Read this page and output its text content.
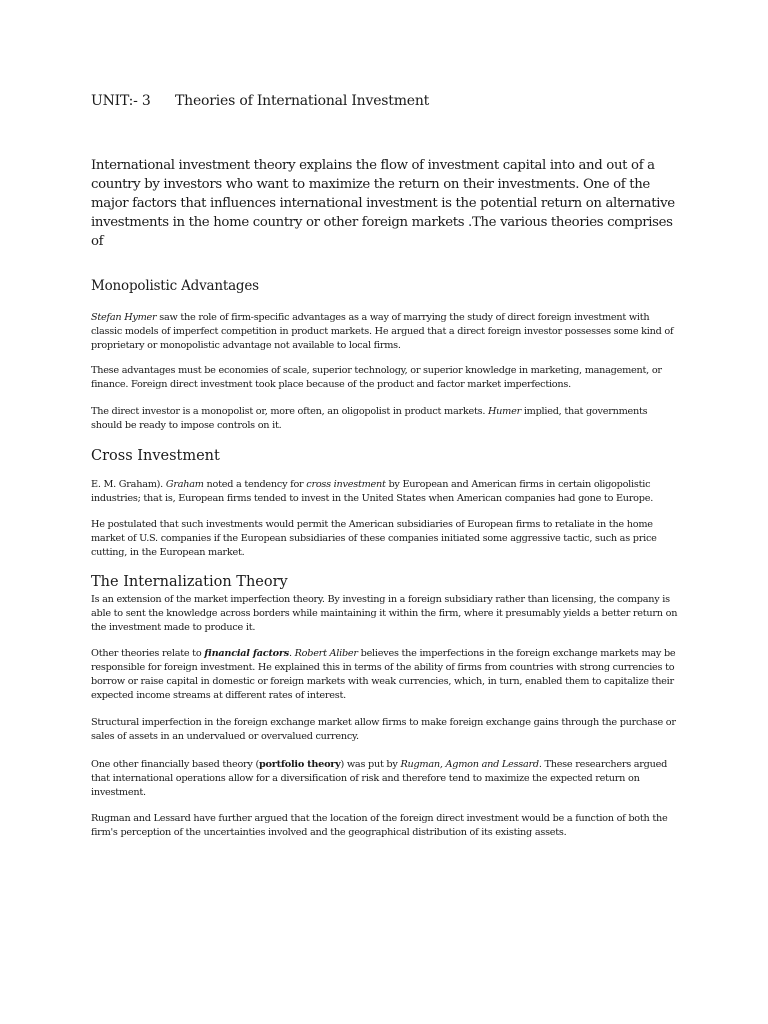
UNIT:- 3 Theories of International Investment

International investment theory explains the flow of investment capital into and out of a country by investors who want to maximize the return on their investments. One of the major factors that influences international investment is the potential return on alternative investments in the home country or other foreign markets .The various theories comprises of

Monopolistic Advantages

Stefan Hymer saw the role of firm-specific advantages as a way of marrying the study of direct foreign investment with classic models of imperfect competition in product markets. He argued that a direct foreign investor possesses some kind of proprietary or monopolistic advantage not available to local firms.

These advantages must be economies of scale, superior technology, or superior knowledge in marketing, management, or finance. Foreign direct investment took place because of the product and factor market imperfections.

The direct investor is a monopolist or, more often, an oligopolist in product markets. Humer implied, that governments should be ready to impose controls on it.

Cross Investment

E. M. Graham). Graham noted a tendency for cross investment by European and American firms in certain oligopolistic industries; that is, European firms tended to invest in the United States when American companies had gone to Europe.

He postulated that such investments would permit the American subsidiaries of European firms to retaliate in the home market of U.S. companies if the European subsidiaries of these companies initiated some aggressive tactic, such as price cutting, in the European market.

The Internalization Theory

Is an extension of the market imperfection theory. By investing in a foreign subsidiary rather than licensing, the company is able to sent the knowledge across borders while maintaining it within the firm, where it presumably yields a better return on the investment made to produce it.

Other theories relate to financial factors. Robert Aliber believes the imperfections in the foreign exchange markets may be responsible for foreign investment. He explained this in terms of the ability of firms from countries with strong currencies to borrow or raise capital in domestic or foreign markets with weak currencies, which, in turn, enabled them to capitalize their expected income streams at different rates of interest.

Structural imperfection in the foreign exchange market allow firms to make foreign exchange gains through the purchase or sales of assets in an undervalued or overvalued currency.

One other financially based theory (portfolio theory) was put by Rugman, Agmon and Lessard. These researchers argued that international operations allow for a diversification of risk and therefore tend to maximize the expected return on investment.

Rugman and Lessard have further argued that the location of the foreign direct investment would be a function of both the firm's perception of the uncertainties involved and the geographical distribution of its existing assets.
